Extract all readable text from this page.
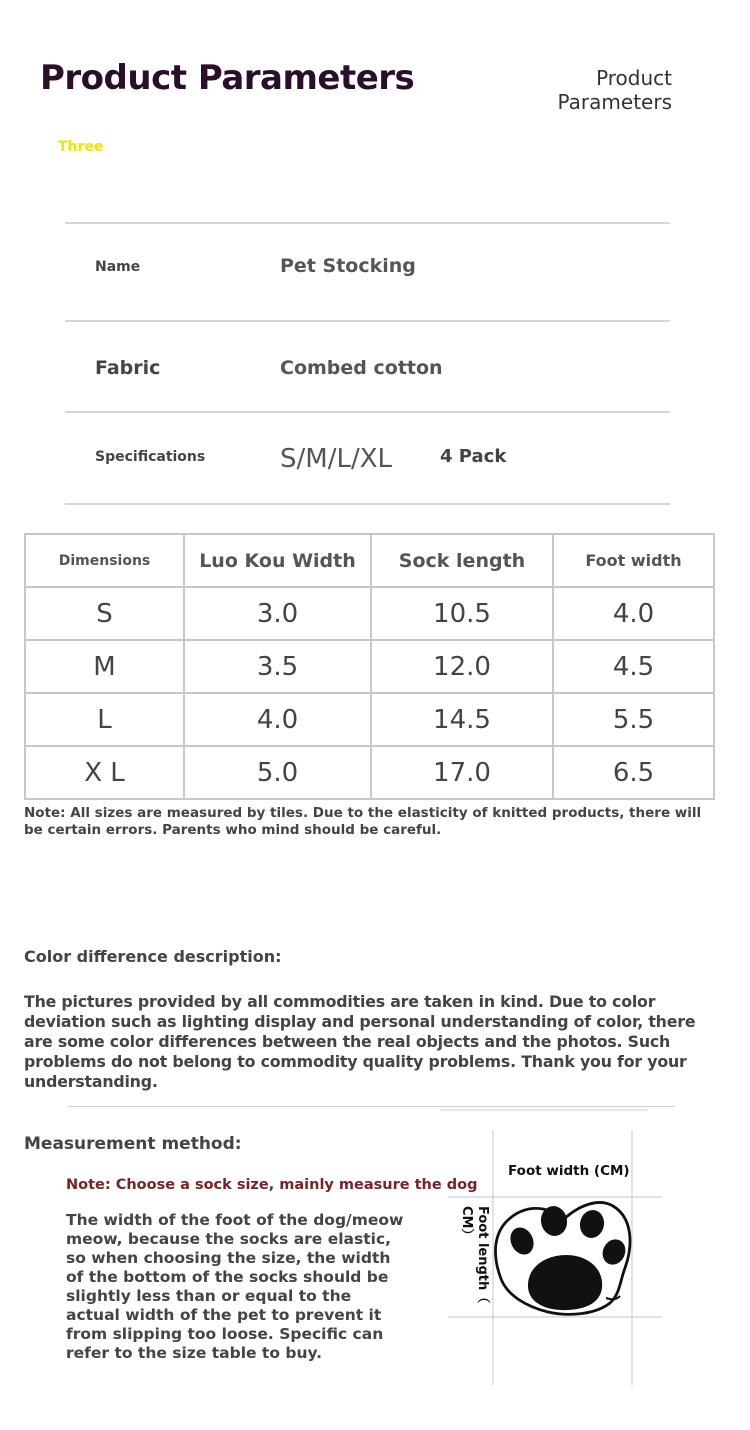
Product Parameters	Product
Parameters
Three
Name	Pet Stocking
Fabric	Combed cotton
Specifications	S/M/L/XL	4 Pack
Dimensions	Luo Kou Width	Sock length	Foot width
S	3.0	10.5	4.0
M	3.5	12.0	4.5
L	4.0	14.5	5.5
X L	5.0	17.0	6.5
Note: All sizes are measured by tiles. Due to the elasticity of knitted products, there will be certain errors. Parents who mind should be careful.
Color difference description:
The pictures provided by all commodities are taken in kind. Due to color deviation such as lighting display and personal understanding of color, there are some color differences between the real objects and the photos. Such problems do not belong to commodity quality problems. Thank you for your understanding.
Measurement method:
Note: Choose a sock size, mainly measure the dog
The width of the foot of the dog/meow meow, because the socks are elastic, so when choosing the size, the width of the bottom of the socks should be slightly less than or equal to the actual width of the pet to prevent it from slipping too loose. Specific can refer to the size table to buy.
Foot width (CM)
Foot length（
CM）
